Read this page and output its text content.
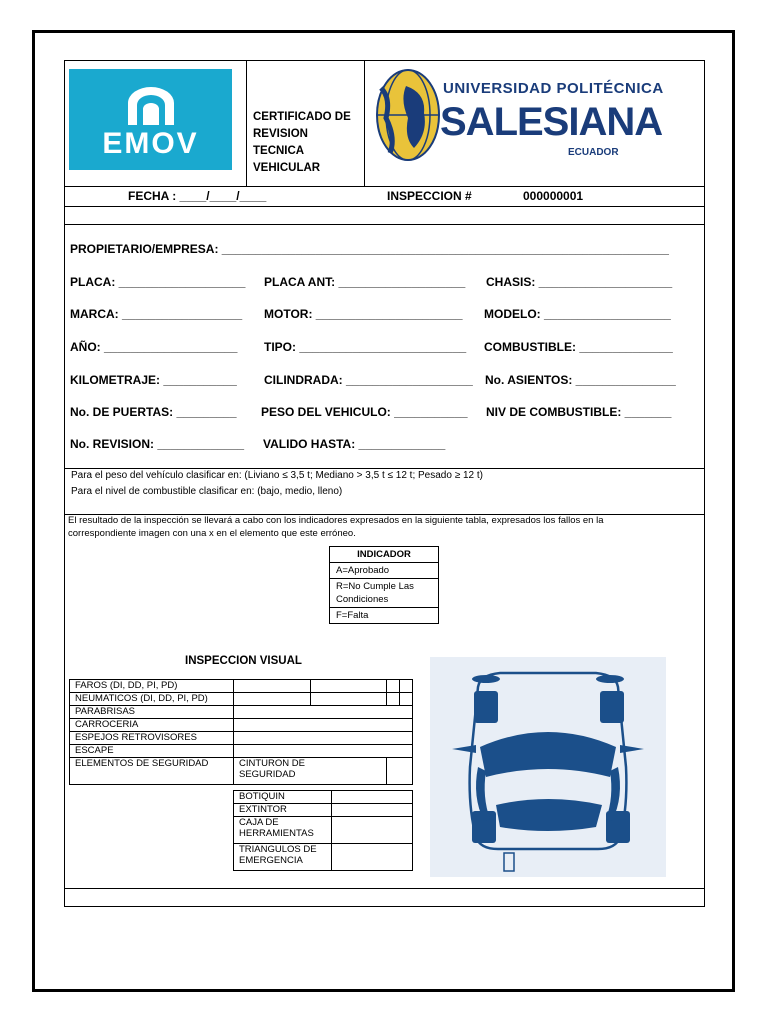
EMOV
CERTIFICADO DE REVISION TECNICA VEHICULAR
UNIVERSIDAD POLITÉCNICA
SALESIANA
ECUADOR
FECHA : ____/____/____	INSPECCION #	000000001
PROPIETARIO/EMPRESA: ___________________________________________________________________
PLACA: ___________________ PLACA ANT: ___________________ CHASIS: ____________________
MARCA: __________________ MOTOR: ______________________ MODELO: ___________________
AÑO: ____________________ TIPO: _________________________ COMBUSTIBLE: ______________
KILOMETRAJE: ___________ CILINDRADA: ___________________ No. ASIENTOS: _______________
No. DE PUERTAS: _________ PESO DEL VEHICULO: ___________ NIV DE COMBUSTIBLE: _______
No. REVISION: _____________ VALIDO HASTA: _____________
Para el peso del vehículo clasificar en: (Liviano ≤ 3,5 t; Mediano > 3,5 t ≤ 12 t; Pesado ≥ 12 t)
Para el nivel de combustible clasificar en: (bajo, medio, lleno)
El resultado de la inspección se llevará a cabo con los indicadores expresados en la siguiente tabla, expresados los fallos en la
correspondiente imagen con una x en el elemento que este erróneo.
INDICADOR
A=Aprobado
R=No Cumple Las
Condiciones
F=Falta
INSPECCION VISUAL
FAROS (DI, DD, PI, PD)				
NEUMATICOS (DI, DD, PI, PD)				
PARABRISAS				
CARROCERIA				
ESPEJOS RETROVISORES				
ESCAPE				
ELEMENTOS DE SEGURIDAD	CINTURON DE
SEGURIDAD			
BOTIQUIN	
EXTINTOR	
CAJA DE
HERRAMIENTAS	
TRIANGULOS DE
EMERGENCIA	
